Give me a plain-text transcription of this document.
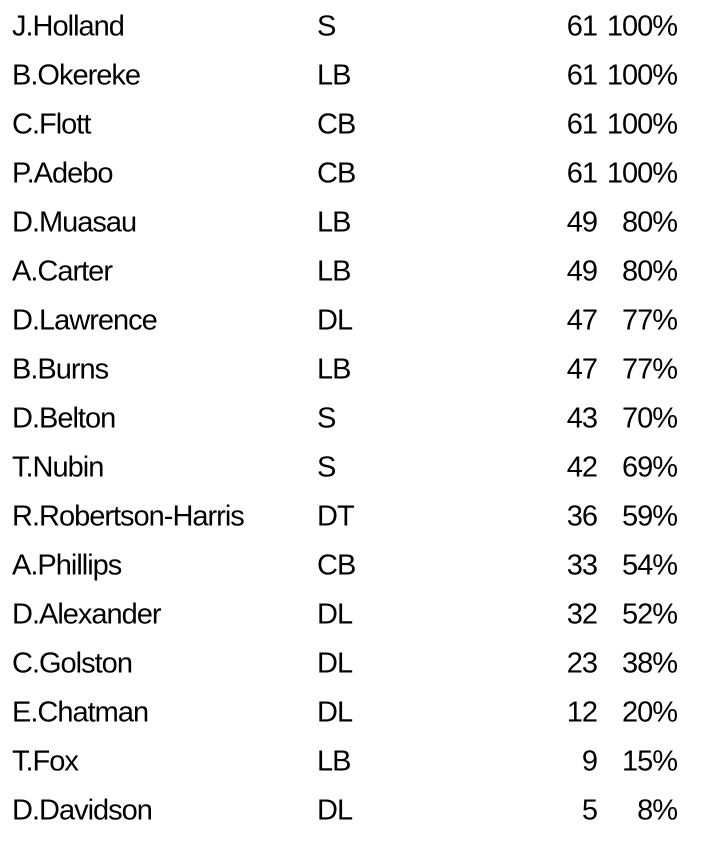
J.Holland	S	61 100%
B.Okereke	LB	61 100%
C.Flott	CB	61 100%
P.Adebo	CB	61 100%
D.Muasau	LB	49 80%
A.Carter	LB	49 80%
D.Lawrence	DL	47 77%
B.Burns	LB	47 77%
D.Belton	S	43 70%
T.Nubin	S	42 69%
R.Robertson-Harris	DT	36 59%
A.Phillips	CB	33 54%
D.Alexander	DL	32 52%
C.Golston	DL	23 38%
E.Chatman	DL	12 20%
T.Fox	LB	9 15%
D.Davidson	DL	5 8%
